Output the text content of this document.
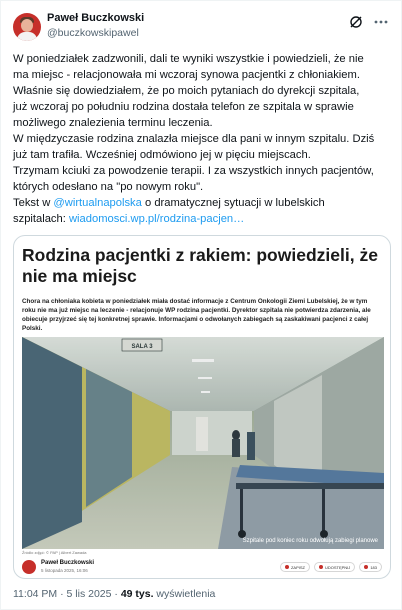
Paweł Buczkowski
@buczkowskipawel

W poniedziałek zadzwonili, dali te wyniki wszystkie i powiedzieli, że nie

ma miejsc - relacjonowała mi wczoraj synowa pacjentki z chłoniakiem.

Właśnie się dowiedziałem, że po moich pytaniach do dyrekcji szpitala,

już wczoraj po południu rodzina dostała telefon ze szpitala w sprawie

możliwego znalezienia terminu leczenia.

W międzyczasie rodzina znalazła miejsce dla pani w innym szpitalu. Dziś

już tam trafiła. Wcześniej odmówiono jej w pięciu miejscach.

Trzymam kciuki za powodzenie terapii. I za wszystkich innych pacjentów,

których odesłano na "po nowym roku".

Tekst w @wirtualnapolska o dramatycznej sytuacji w lubelskich

szpitalach: wiadomosci.wp.pl/rodzina-pacjen…

Rodzina pacjentki z rakiem: powiedzieli, że nie ma miejsc
Chora na chłoniaka kobieta w poniedziałek miała dostać informacje z Centrum Onkologii Ziemi Lubelskiej, że w tym roku nie ma już miejsc na leczenie - relacjonuje WP rodzina pacjentki. Dyrektor szpitala nie potwierdza zdarzenia, ale obiecuje przyjrzeć się tej konkretnej sprawie. Informacjami o odwołanych zabiegach są zaskakiwani pacjenci z całej Polski.
SALA 3
Szpitale pod koniec roku odwołują zabiegi planowe
Źródło zdjęć: © PAP | Albert Zawada
Paweł Buczkowski
5 listopada 2025, 16:06
ZAPISZ	UDOSTĘPNIJ	183
11:04 PM · 5 lis 2025 · 49 tys. wyświetlenia
